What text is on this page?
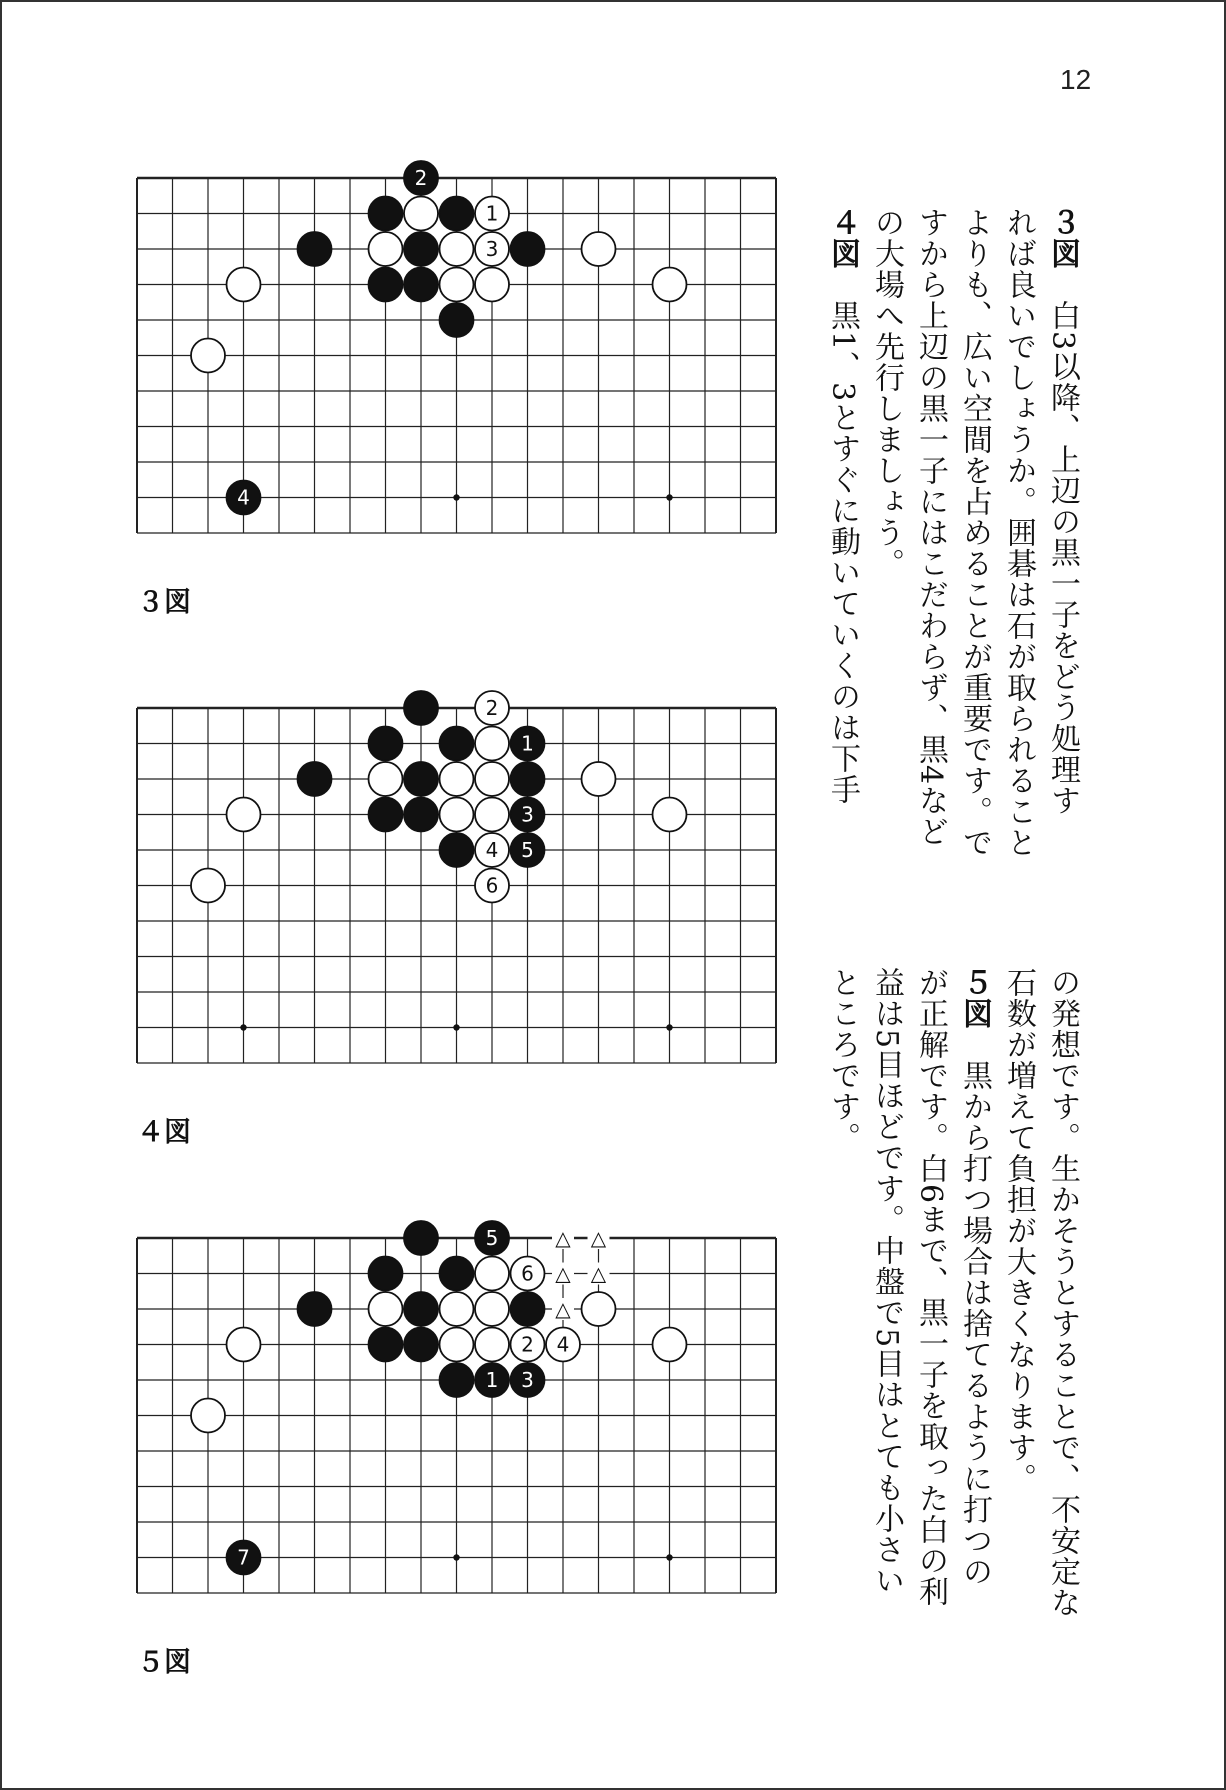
12
2
1
3
4
３図
2
1
3
4 5
6
４図
△ △
△ △
△
5
6
2 4
1 3
7
５図
３図　白3以降、上辺の黒一子をどう処理す
れば良いでしょうか。囲碁は石が取られること
よりも、広い空間を占めることが重要です。で
すから上辺の黒一子にはこだわらず、黒4など
の大場へ先行しましょう。
４図　黒1、3とすぐに動いていくのは下手
の発想です。生かそうとすることで、不安定な
石数が増えて負担が大きくなります。
５図　黒から打つ場合は捨てるように打つの
が正解です。白6まで、黒一子を取った白の利
益は5目ほどです。中盤で5目はとても小さい
ところです。
